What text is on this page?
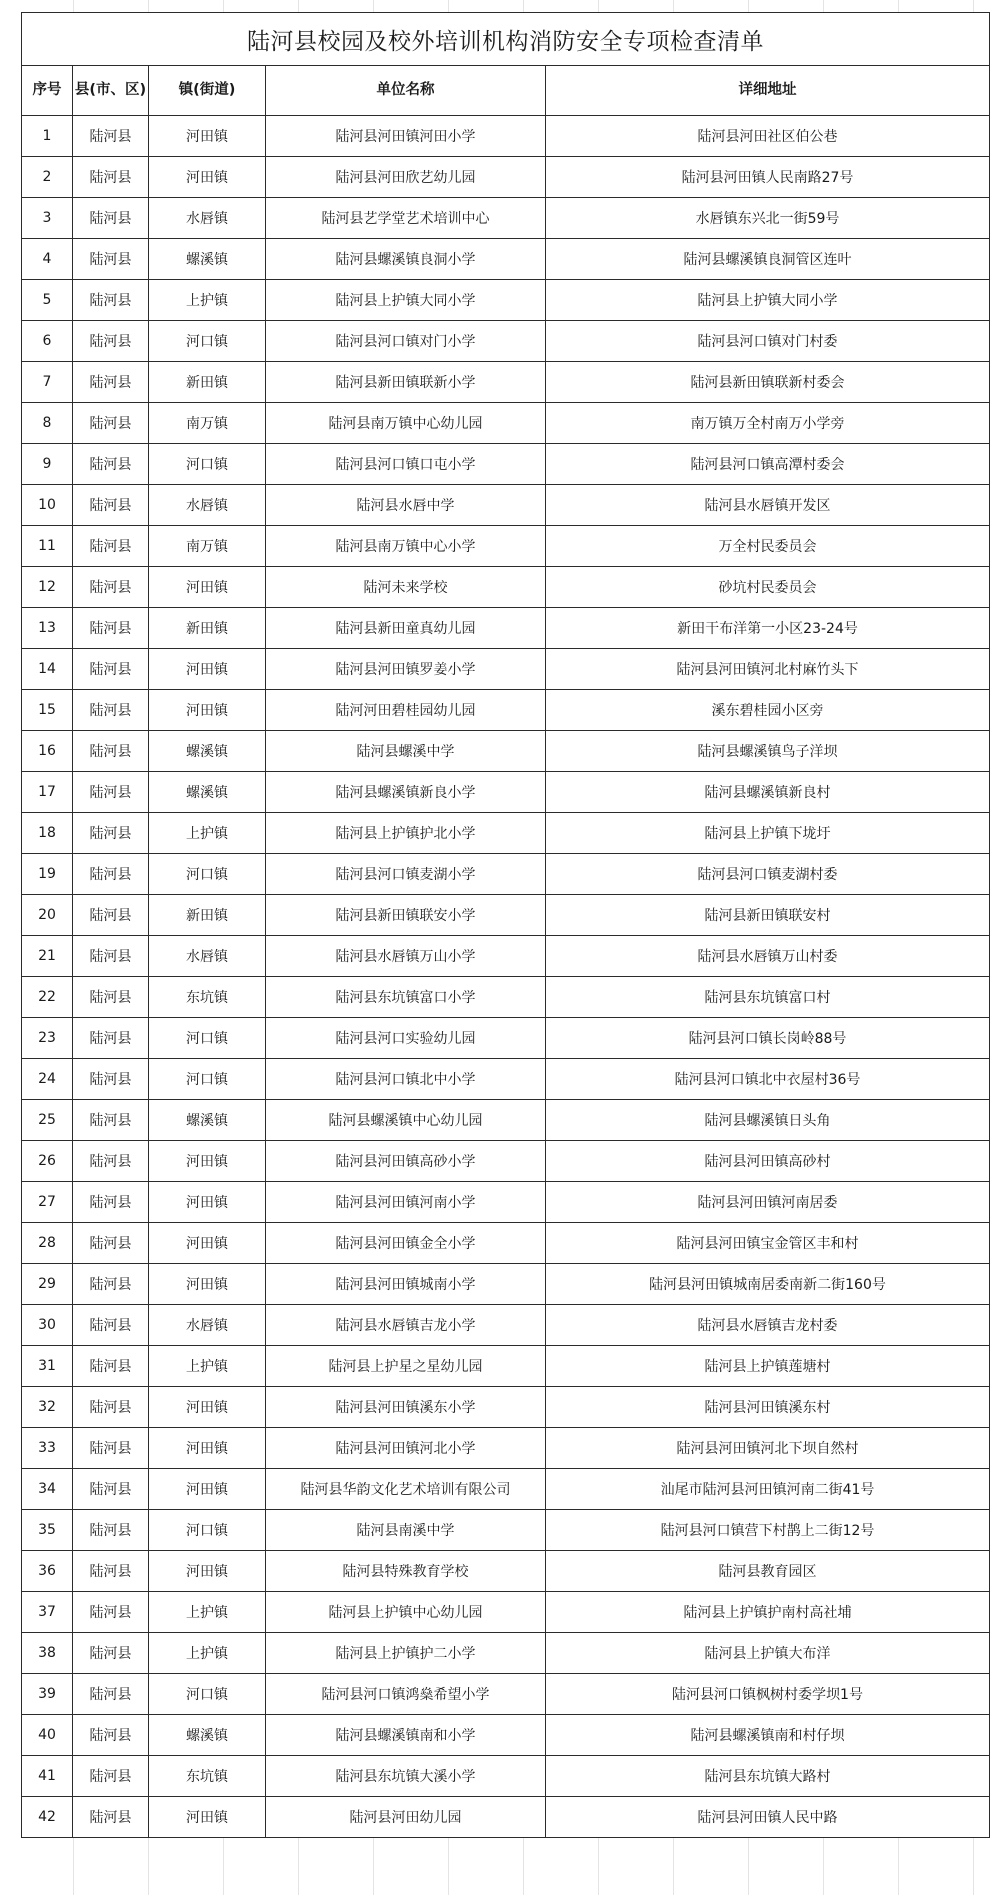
陆河县校园及校外培训机构消防安全专项检查清单				
序号	县(市、区)	镇(街道)	单位名称	详细地址
1	陆河县	河田镇	陆河县河田镇河田小学	陆河县河田社区伯公巷
2	陆河县	河田镇	陆河县河田欣艺幼儿园	陆河县河田镇人民南路27号
3	陆河县	水唇镇	陆河县艺学堂艺术培训中心	水唇镇东兴北一街59号
4	陆河县	螺溪镇	陆河县螺溪镇良洞小学	陆河县螺溪镇良洞管区连叶
5	陆河县	上护镇	陆河县上护镇大同小学	陆河县上护镇大同小学
6	陆河县	河口镇	陆河县河口镇对门小学	陆河县河口镇对门村委
7	陆河县	新田镇	陆河县新田镇联新小学	陆河县新田镇联新村委会
8	陆河县	南万镇	陆河县南万镇中心幼儿园	南万镇万全村南万小学旁
9	陆河县	河口镇	陆河县河口镇口屯小学	陆河县河口镇高潭村委会
10	陆河县	水唇镇	陆河县水唇中学	陆河县水唇镇开发区
11	陆河县	南万镇	陆河县南万镇中心小学	万全村民委员会
12	陆河县	河田镇	陆河未来学校	砂坑村民委员会
13	陆河县	新田镇	陆河县新田童真幼儿园	新田干布洋第一小区23-24号
14	陆河县	河田镇	陆河县河田镇罗姜小学	陆河县河田镇河北村麻竹头下
15	陆河县	河田镇	陆河河田碧桂园幼儿园	溪东碧桂园小区旁
16	陆河县	螺溪镇	陆河县螺溪中学	陆河县螺溪镇鸟子洋坝
17	陆河县	螺溪镇	陆河县螺溪镇新良小学	陆河县螺溪镇新良村
18	陆河县	上护镇	陆河县上护镇护北小学	陆河县上护镇下垅圩
19	陆河县	河口镇	陆河县河口镇麦湖小学	陆河县河口镇麦湖村委
20	陆河县	新田镇	陆河县新田镇联安小学	陆河县新田镇联安村
21	陆河县	水唇镇	陆河县水唇镇万山小学	陆河县水唇镇万山村委
22	陆河县	东坑镇	陆河县东坑镇富口小学	陆河县东坑镇富口村
23	陆河县	河口镇	陆河县河口实验幼儿园	陆河县河口镇长岗岭88号
24	陆河县	河口镇	陆河县河口镇北中小学	陆河县河口镇北中衣屋村36号
25	陆河县	螺溪镇	陆河县螺溪镇中心幼儿园	陆河县螺溪镇日头角
26	陆河县	河田镇	陆河县河田镇高砂小学	陆河县河田镇高砂村
27	陆河县	河田镇	陆河县河田镇河南小学	陆河县河田镇河南居委
28	陆河县	河田镇	陆河县河田镇金全小学	陆河县河田镇宝金管区丰和村
29	陆河县	河田镇	陆河县河田镇城南小学	陆河县河田镇城南居委南新二街160号
30	陆河县	水唇镇	陆河县水唇镇吉龙小学	陆河县水唇镇吉龙村委
31	陆河县	上护镇	陆河县上护星之星幼儿园	陆河县上护镇莲塘村
32	陆河县	河田镇	陆河县河田镇溪东小学	陆河县河田镇溪东村
33	陆河县	河田镇	陆河县河田镇河北小学	陆河县河田镇河北下坝自然村
34	陆河县	河田镇	陆河县华韵文化艺术培训有限公司	汕尾市陆河县河田镇河南二街41号
35	陆河县	河口镇	陆河县南溪中学	陆河县河口镇营下村鹊上二街12号
36	陆河县	河田镇	陆河县特殊教育学校	陆河县教育园区
37	陆河县	上护镇	陆河县上护镇中心幼儿园	陆河县上护镇护南村高社埔
38	陆河县	上护镇	陆河县上护镇护二小学	陆河县上护镇大布洋
39	陆河县	河口镇	陆河县河口镇鸿燊希望小学	陆河县河口镇枫树村委学坝1号
40	陆河县	螺溪镇	陆河县螺溪镇南和小学	陆河县螺溪镇南和村仔坝
41	陆河县	东坑镇	陆河县东坑镇大溪小学	陆河县东坑镇大路村
42	陆河县	河田镇	陆河县河田幼儿园	陆河县河田镇人民中路
